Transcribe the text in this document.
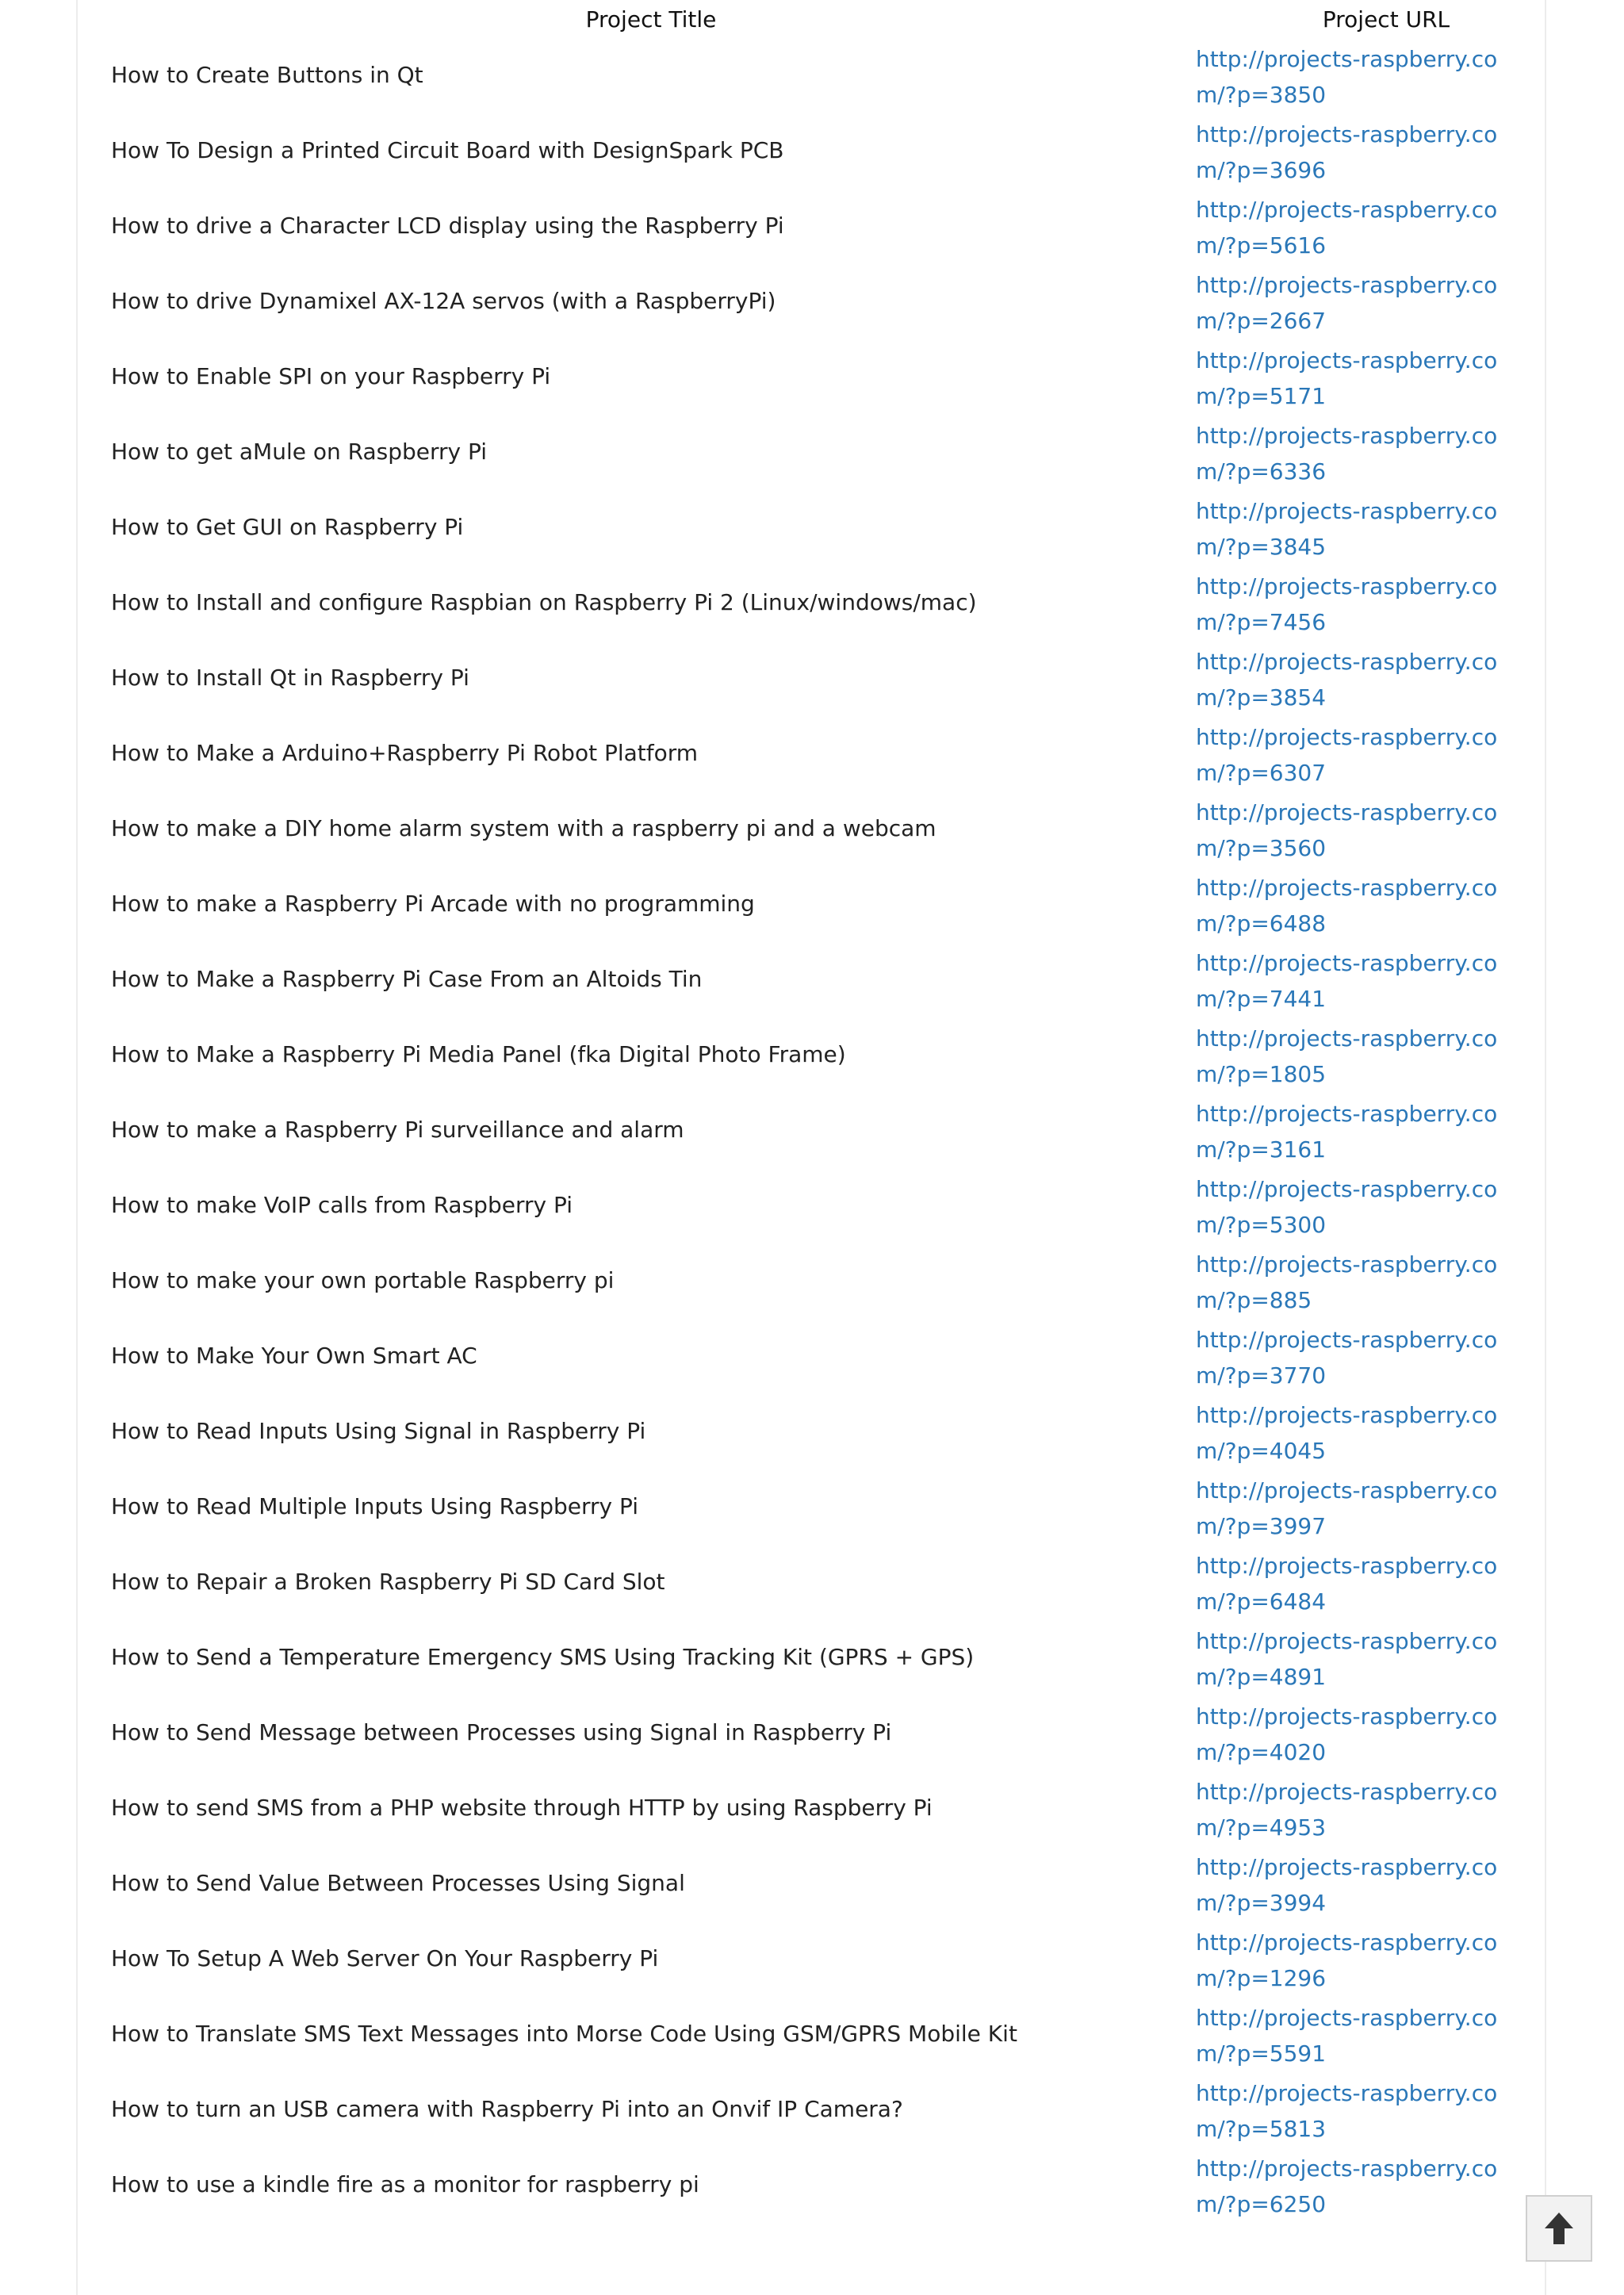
Project Title	Project URL
How to Create Buttons in Qt
http://projects-raspberry.com/?p=3850
How To Design a Printed Circuit Board with DesignSpark PCB
http://projects-raspberry.com/?p=3696
How to drive a Character LCD display using the Raspberry Pi
http://projects-raspberry.com/?p=5616
How to drive Dynamixel AX-12A servos (with a RaspberryPi)
http://projects-raspberry.com/?p=2667
How to Enable SPI on your Raspberry Pi
http://projects-raspberry.com/?p=5171
How to get aMule on Raspberry Pi
http://projects-raspberry.com/?p=6336
How to Get GUI on Raspberry Pi
http://projects-raspberry.com/?p=3845
How to Install and configure Raspbian on Raspberry Pi 2 (Linux/windows/mac)
http://projects-raspberry.com/?p=7456
How to Install Qt in Raspberry Pi
http://projects-raspberry.com/?p=3854
How to Make a Arduino+Raspberry Pi Robot Platform
http://projects-raspberry.com/?p=6307
How to make a DIY home alarm system with a raspberry pi and a webcam
http://projects-raspberry.com/?p=3560
How to make a Raspberry Pi Arcade with no programming
http://projects-raspberry.com/?p=6488
How to Make a Raspberry Pi Case From an Altoids Tin
http://projects-raspberry.com/?p=7441
How to Make a Raspberry Pi Media Panel (fka Digital Photo Frame)
http://projects-raspberry.com/?p=1805
How to make a Raspberry Pi surveillance and alarm
http://projects-raspberry.com/?p=3161
How to make VoIP calls from Raspberry Pi
http://projects-raspberry.com/?p=5300
How to make your own portable Raspberry pi
http://projects-raspberry.com/?p=885
How to Make Your Own Smart AC
http://projects-raspberry.com/?p=3770
How to Read Inputs Using Signal in Raspberry Pi
http://projects-raspberry.com/?p=4045
How to Read Multiple Inputs Using Raspberry Pi
http://projects-raspberry.com/?p=3997
How to Repair a Broken Raspberry Pi SD Card Slot
http://projects-raspberry.com/?p=6484
How to Send a Temperature Emergency SMS Using Tracking Kit (GPRS + GPS)
http://projects-raspberry.com/?p=4891
How to Send Message between Processes using Signal in Raspberry Pi
http://projects-raspberry.com/?p=4020
How to send SMS from a PHP website through HTTP by using Raspberry Pi
http://projects-raspberry.com/?p=4953
How to Send Value Between Processes Using Signal
http://projects-raspberry.com/?p=3994
How To Setup A Web Server On Your Raspberry Pi
http://projects-raspberry.com/?p=1296
How to Translate SMS Text Messages into Morse Code Using GSM/GPRS Mobile Kit
http://projects-raspberry.com/?p=5591
How to turn an USB camera with Raspberry Pi into an Onvif IP Camera?
http://projects-raspberry.com/?p=5813
How to use a kindle fire as a monitor for raspberry pi
http://projects-raspberry.com/?p=6250
